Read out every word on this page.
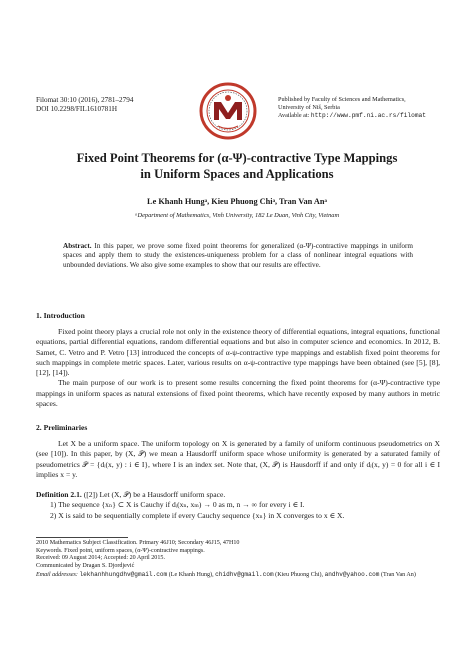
Filomat 30:10 (2016), 2781–2794
DOI 10.2298/FIL1610781H
Published by Faculty of Sciences and Mathematics,
University of Niš, Serbia
Available at: http://www.pmf.ni.ac.rs/filomat
Fixed Point Theorems for (α-Ψ)-contractive Type Mappings
in Uniform Spaces and Applications
Le Khanh Hungᵃ, Kieu Phuong Chiᵃ, Tran Van Anᵃ
ᵃDepartment of Mathematics, Vinh University, 182 Le Duan, Vinh City, Vietnam
Abstract. In this paper, we prove some fixed point theorems for generalized (α-Ψ)-contractive mappings in uniform spaces and apply them to study the existences-uniqueness problem for a class of nonlinear integral equations with unbounded deviations. We also give some examples to show that our results are effective.
1. Introduction

Fixed point theory plays a crucial role not only in the existence theory of differential equations, integral equations, functional equations, partial differential equations, random differential equations and but also in computer science and economics. In 2012, B. Samet, C. Vetro and P. Vetro [13] introduced the concepts of α-ψ-contractive type mappings and establish fixed point theorems for such mappings in complete metric spaces. Later, various results on α-ψ-contractive type mappings have been obtained (see [5], [8], [12], [14]).

The main purpose of our work is to present some results concerning the fixed point theorems for (α-Ψ)-contractive type mappings in uniform spaces as natural extensions of fixed point theorems, which have recently exposed by many authors in metric spaces.

2. Preliminaries

Let X be a uniform space. The uniform topology on X is generated by a family of uniform continuous pseudometrics on X (see [10]). In this paper, by (X, 𝒫) we mean a Hausdorff uniform space whose uniformity is generated by a saturated family of pseudometrics 𝒫 = {dᵢ(x, y) : i ∈ I}, where I is an index set. Note that, (X, 𝒫) is Hausdorff if and only if dᵢ(x, y) = 0 for all i ∈ I implies x = y.

Definition 2.1. ([2]) Let (X, 𝒫) be a Hausdorff uniform space.
1) The sequence {xₙ} ⊂ X is Cauchy if dᵢ(xₙ, xₘ) → 0 as m, n → ∞ for every i ∈ I.
2) X is said to be sequentially complete if every Cauchy sequence {xₙ} in X converges to x ∈ X.
2010 Mathematics Subject Classification. Primary 46J10; Secondary 46J15, 47H10
Keywords. Fixed point, uniform spaces, (α-Ψ)-contractive mappings.
Received: 09 August 2014; Accepted: 20 April 2015.
Communicated by Dragan S. Djordjević
Email addresses: lekhanhhungdhv@gmail.com (Le Khanh Hung), chidhv@gmail.com (Kieu Phuong Chi), andhv@yahoo.com (Tran Van An)
